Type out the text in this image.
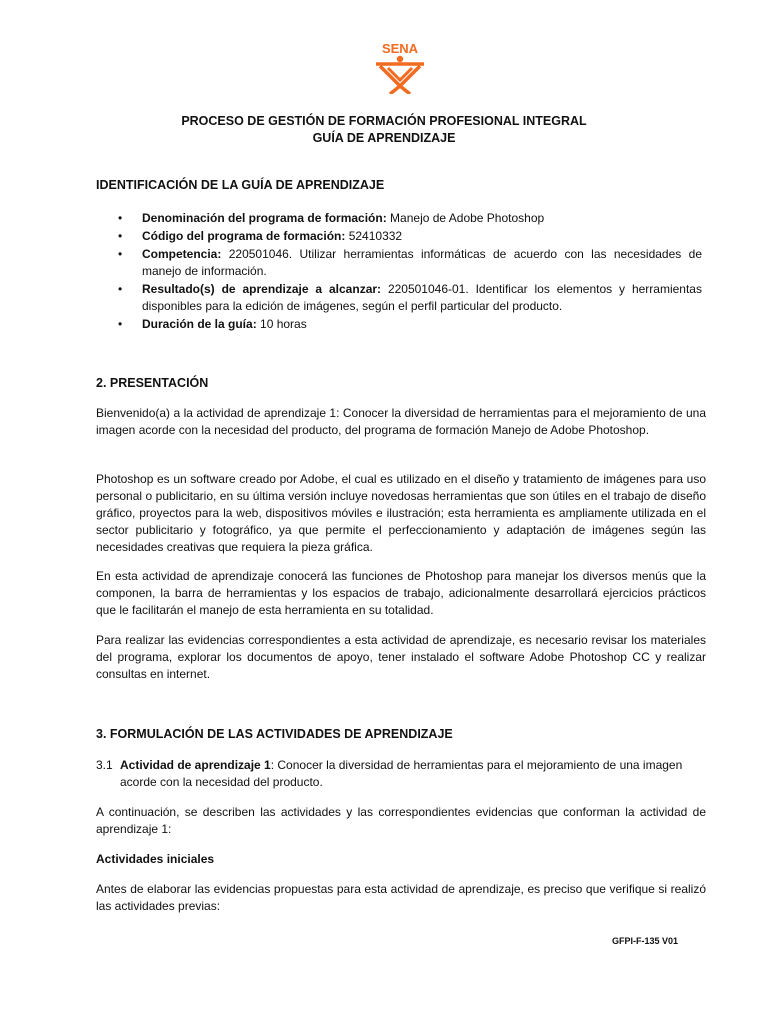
SENA
PROCESO DE GESTIÓN DE FORMACIÓN PROFESIONAL INTEGRAL
GUÍA DE APRENDIZAJE
IDENTIFICACIÓN DE LA GUÍA DE APRENDIZAJE
• Denominación del programa de formación: Manejo de Adobe Photoshop
• Código del programa de formación: 52410332
• Competencia: 220501046. Utilizar herramientas informáticas de acuerdo con las necesidades de manejo de información.
• Resultado(s) de aprendizaje a alcanzar: 220501046-01. Identificar los elementos y herramientas disponibles para la edición de imágenes, según el perfil particular del producto.
• Duración de la guía: 10 horas
2. PRESENTACIÓN
Bienvenido(a) a la actividad de aprendizaje 1: Conocer la diversidad de herramientas para el mejoramiento de una imagen acorde con la necesidad del producto, del programa de formación Manejo de Adobe Photoshop.
Photoshop es un software creado por Adobe, el cual es utilizado en el diseño y tratamiento de imágenes para uso personal o publicitario, en su última versión incluye novedosas herramientas que son útiles en el trabajo de diseño gráfico, proyectos para la web, dispositivos móviles e ilustración; esta herramienta es ampliamente utilizada en el sector publicitario y fotográfico, ya que permite el perfeccionamiento y adaptación de imágenes según las necesidades creativas que requiera la pieza gráfica.
En esta actividad de aprendizaje conocerá las funciones de Photoshop para manejar los diversos menús que la componen, la barra de herramientas y los espacios de trabajo, adicionalmente desarrollará ejercicios prácticos que le facilitarán el manejo de esta herramienta en su totalidad.
Para realizar las evidencias correspondientes a esta actividad de aprendizaje, es necesario revisar los materiales del programa, explorar los documentos de apoyo, tener instalado el software Adobe Photoshop CC y realizar consultas en internet.
3. FORMULACIÓN DE LAS ACTIVIDADES DE APRENDIZAJE
3.1 Actividad de aprendizaje 1: Conocer la diversidad de herramientas para el mejoramiento de una imagen acorde con la necesidad del producto.
A continuación, se describen las actividades y las correspondientes evidencias que conforman la actividad de aprendizaje 1:
Actividades iniciales
Antes de elaborar las evidencias propuestas para esta actividad de aprendizaje, es preciso que verifique si realizó las actividades previas:
GFPI-F-135 V01
